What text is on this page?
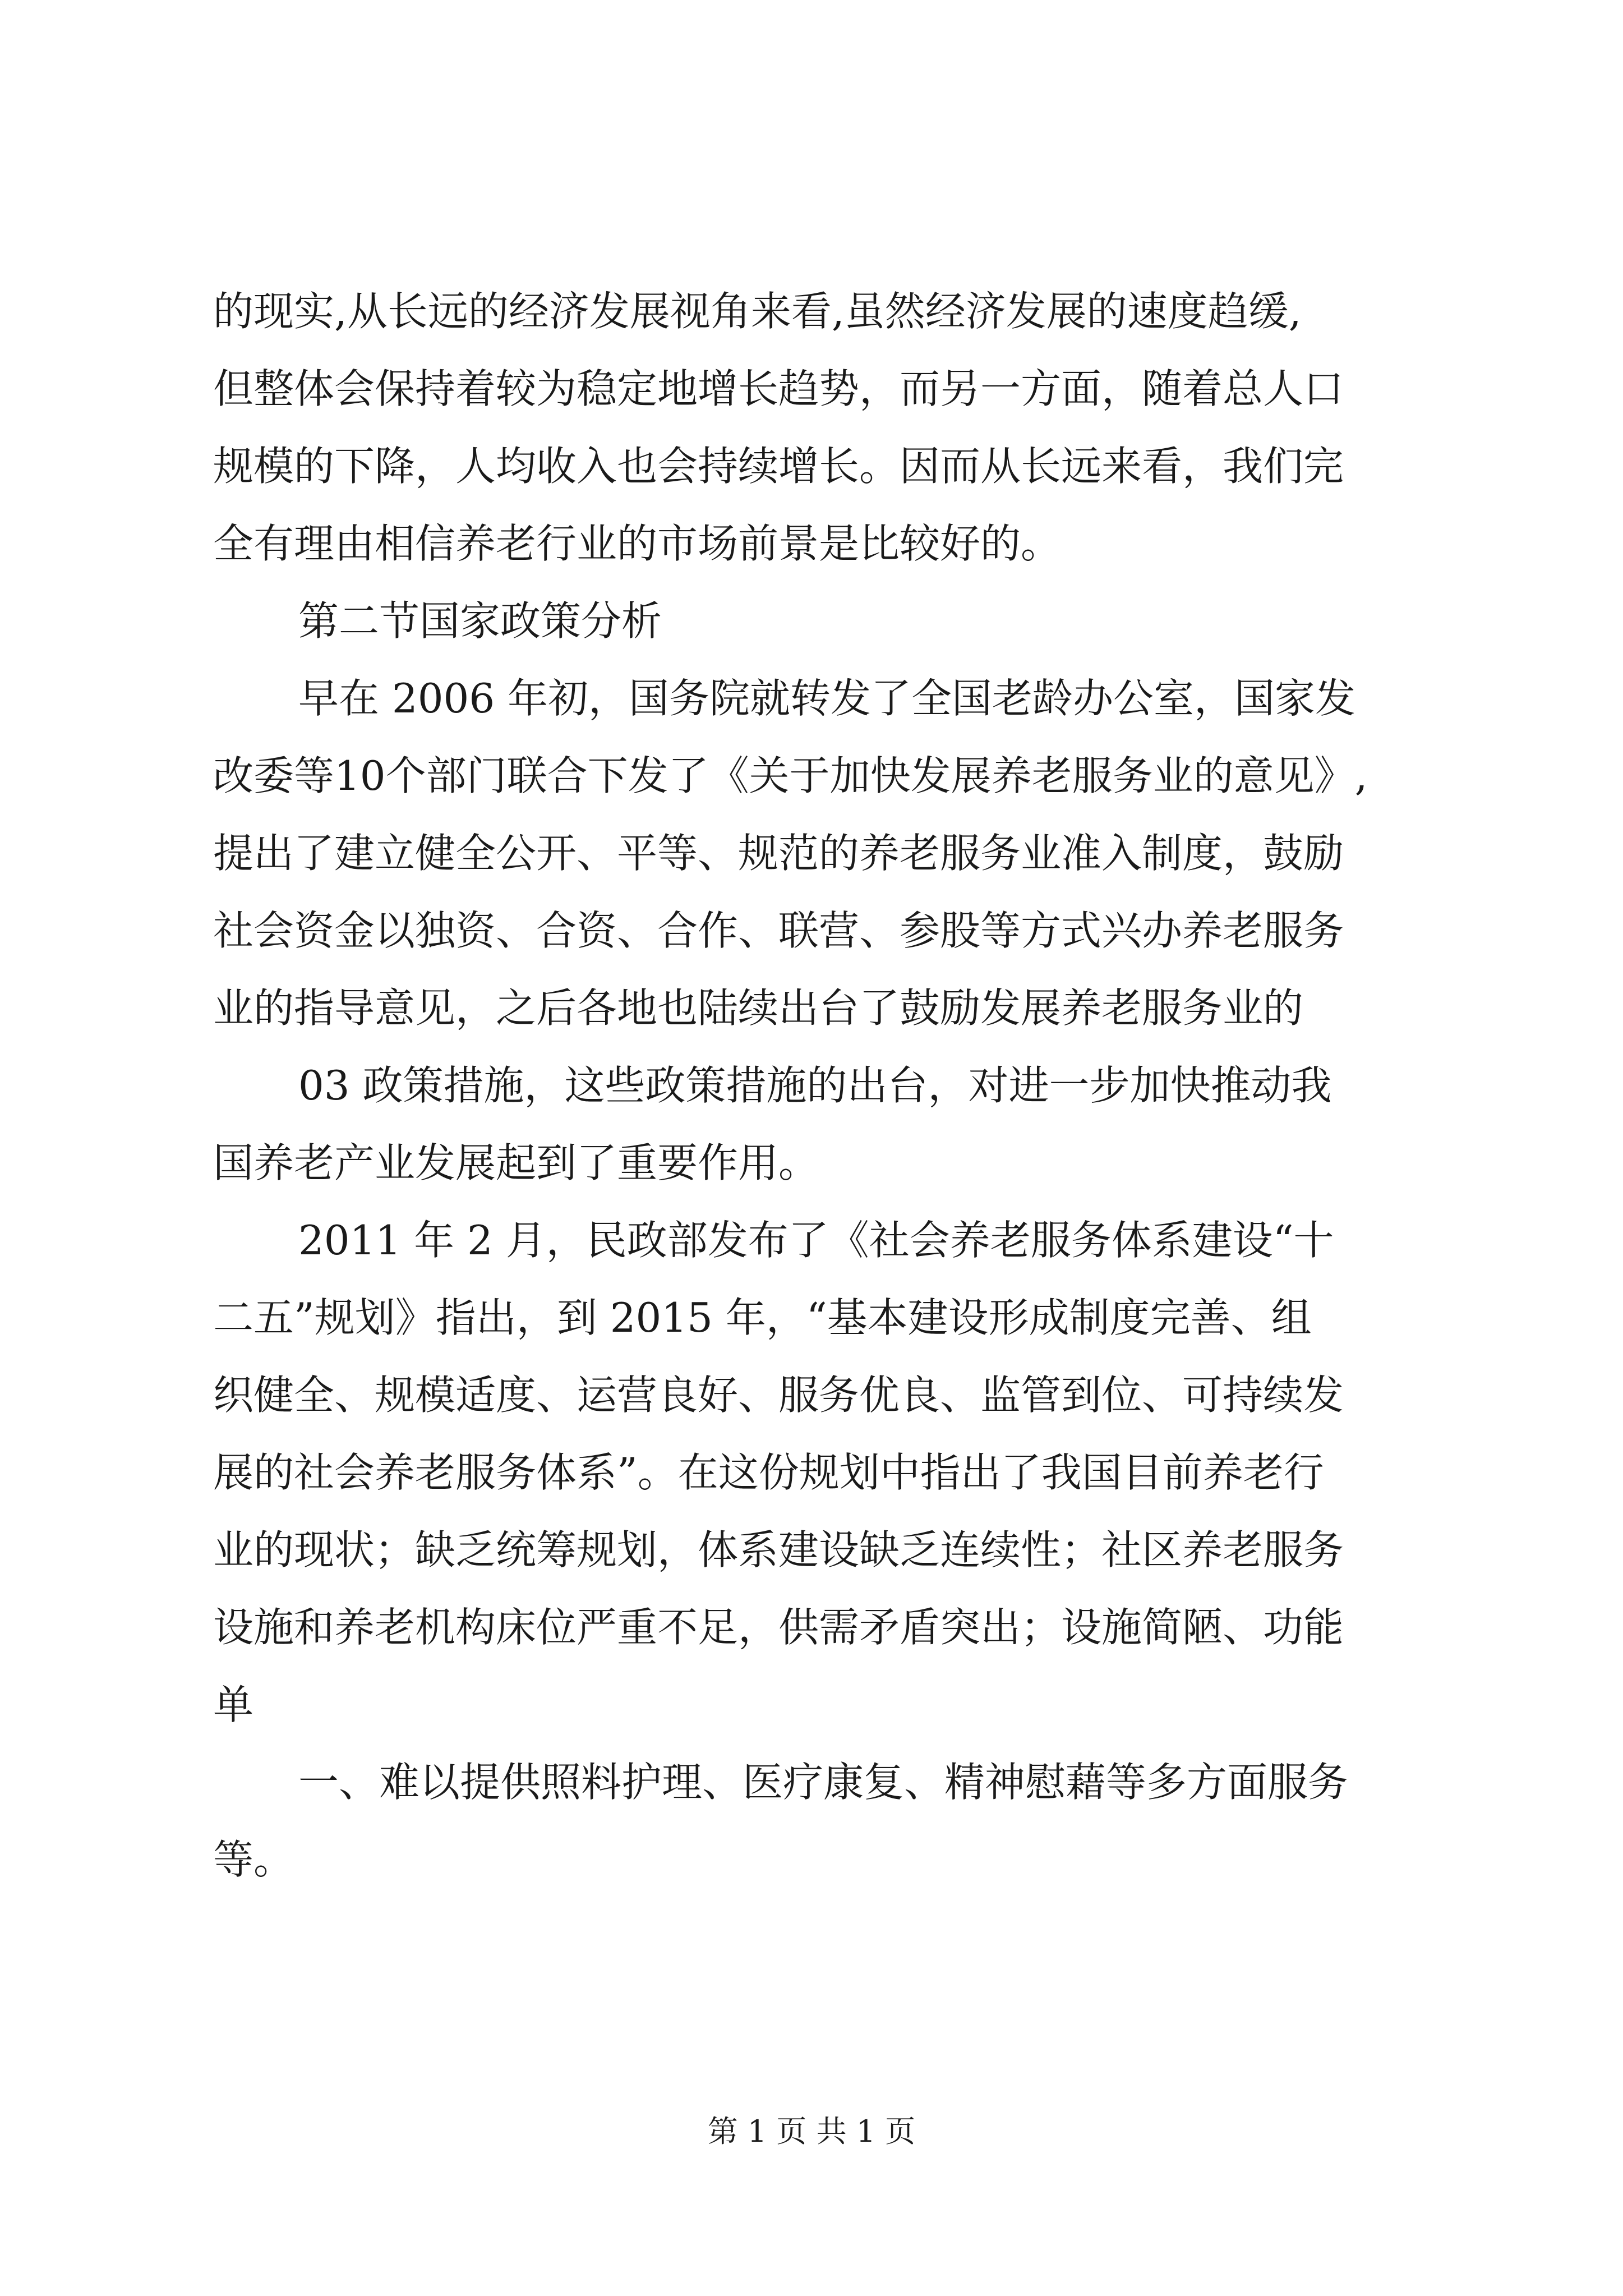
的现实,从长远的经济发展视角来看,虽然经济发展的速度趋缓,
但整体会保持着较为稳定地增长趋势，而另一方面，随着总人口
规模的下降，人均收入也会持续增长。因而从长远来看，我们完
全有理由相信养老行业的市场前景是比较好的。
第二节国家政策分析
早在 2006 年初，国务院就转发了全国老龄办公室，国家发
改委等10个部门联合下发了《关于加快发展养老服务业的意见》,
提出了建立健全公开、平等、规范的养老服务业准入制度，鼓励
社会资金以独资、合资、合作、联营、参股等方式兴办养老服务
业的指导意见，之后各地也陆续出台了鼓励发展养老服务业的
03 政策措施，这些政策措施的出台，对进一步加快推动我
国养老产业发展起到了重要作用。
2011 年 2 月，民政部发布了《社会养老服务体系建设“十
二五”规划》指出，到 2015 年，“基本建设形成制度完善、组
织健全、规模适度、运营良好、服务优良、监管到位、可持续发
展的社会养老服务体系”。在这份规划中指出了我国目前养老行
业的现状；缺乏统筹规划，体系建设缺乏连续性；社区养老服务
设施和养老机构床位严重不足，供需矛盾突出；设施简陋、功能
单
一、难以提供照料护理、医疗康复、精神慰藉等多方面服务
等。
第 1 页 共 1 页
